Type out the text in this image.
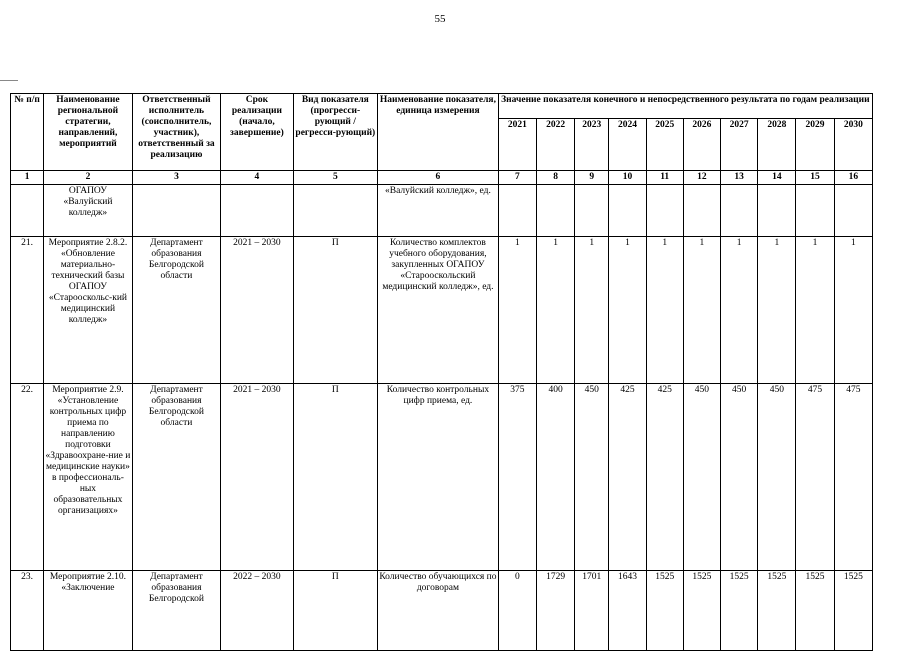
55
№ п/п	Наименование региональной стратегии, направлений, мероприятий	Ответственный исполнитель (соисполнитель, участник), ответственный за реализацию	Срок реализации (начало, завершение)	Вид показателя (прогресси-рующий / регресси-рующий)	Наименование показателя, единица измерения	Значение показателя конечного и непосредственного результата по годам реализации									
						2021	2022	2023	2024	2025	2026	2027	2028	2029	2030
1	2	3	4	5	6	7	8	9	10	11	12	13	14	15	16
	ОГАПОУ «Валуйский колледж»				«Валуйский колледж», ед.										
21.	Мероприятие 2.8.2. «Обновление материально-технический базы ОГАПОУ «Старооскольс-кий медицинский колледж»	Департамент образования Белгородской области	2021 – 2030	П	Количество комплектов учебного оборудования, закупленных ОГАПОУ «Старооскольский медицинский колледж», ед.	1	1	1	1	1	1	1	1	1	1
22.	Мероприятие 2.9. «Установление контрольных цифр приема по направлению подготовки «Здравоохране-ние и медицинские науки» в профессиональ-ных образовательных организациях»	Департамент образования Белгородской области	2021 – 2030	П	Количество контрольных цифр приема, ед.	375	400	450	425	425	450	450	450	475	475
23.	Мероприятие 2.10. «Заключение	Департамент образования Белгородской	2022 – 2030	П	Количество обучающихся по договорам	0	1729	1701	1643	1525	1525	1525	1525	1525	1525
